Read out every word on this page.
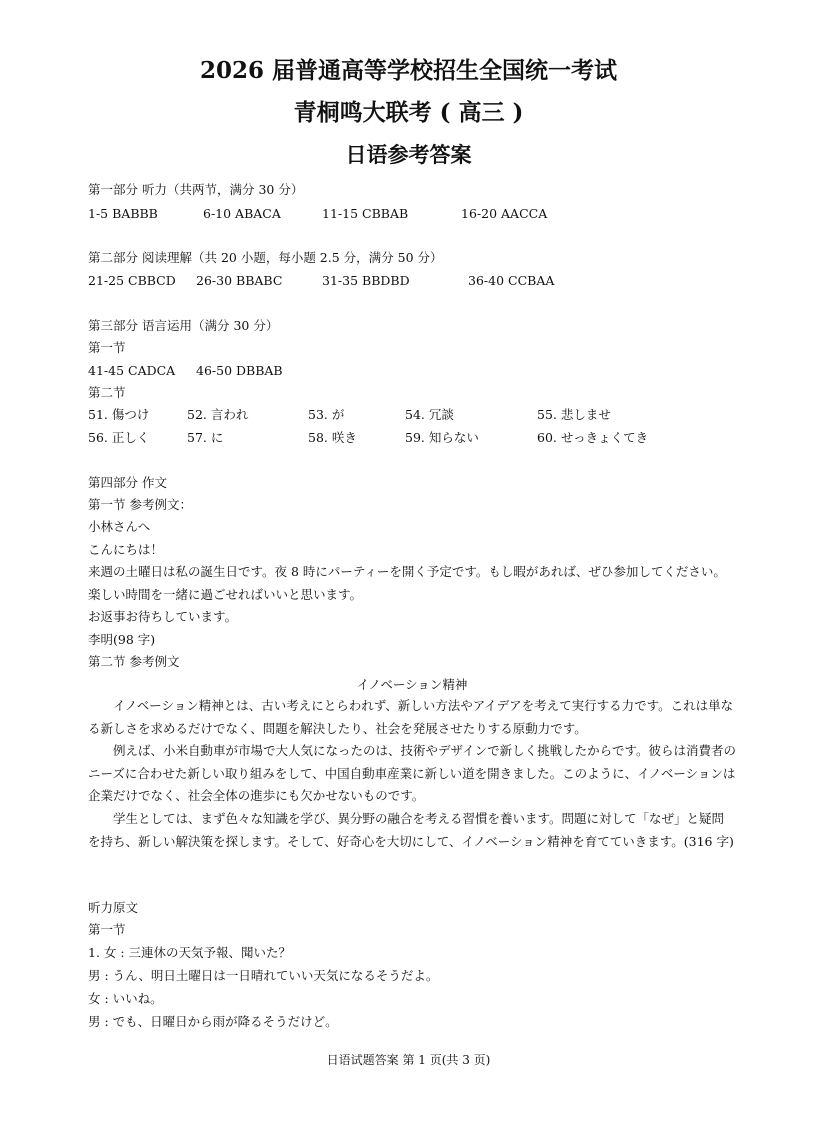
2026 届普通高等学校招生全国统一考试
青桐鸣大联考 ( 高三 )
日语参考答案
第一部分 听力（共两节，满分 30 分）
1-5 BABBB	6-10 ABACA	11-15 CBBAB	16-20 AACCA
第二部分 阅读理解（共 20 小题，每小题 2.5 分，满分 50 分）
21-25 CBBCD 26-30 BBABC	31-35 BBDBD	36-40 CCBAA
第三部分 语言运用（满分 30 分）
第一节
41-45 CADCA 46-50 DBBAB
第二节
51. 傷つけ	52. 言われ	53. が	54. 冗談	55. 悲しませ
56. 正しく	57. に	58. 咲き	59. 知らない	60. せっきょくてき
第四部分 作文
第一节 参考例文：
小林さんへ
こんにちは！
来週の土曜日は私の誕生日です。夜 8 時にパーティーを開く予定です。もし暇があれば、ぜひ参加してください。楽しい時間を一緒に過ごせればいいと思います。
お返事お待ちしています。
李明(98 字)
第二节 参考例文
イノベーション精神
イノベーション精神とは、古い考えにとらわれず、新しい方法やアイデアを考えて実行する力です。これは単なる新しさを求めるだけでなく、問題を解決したり、社会を発展させたりする原動力です。
例えば、小米自動車が市場で大人気になったのは、技術やデザインで新しく挑戦したからです。彼らは消費者のニーズに合わせた新しい取り組みをして、中国自動車産業に新しい道を開きました。このように、イノベーションは企業だけでなく、社会全体の進歩にも欠かせないものです。
学生としては、まず色々な知識を学び、異分野の融合を考える習慣を養います。問題に対して「なぜ」と疑問を持ち、新しい解決策を探します。そして、好奇心を大切にして、イノベーション精神を育てていきます。(316 字)
听力原文
第一节
1. 女 : 三連休の天気予報、聞いた？
男 : うん、明日土曜日は一日晴れていい天気になるそうだよ。
女 : いいね。
男 : でも、日曜日から雨が降るそうだけど。
日语试题答案 第 1 页(共 3 页)
